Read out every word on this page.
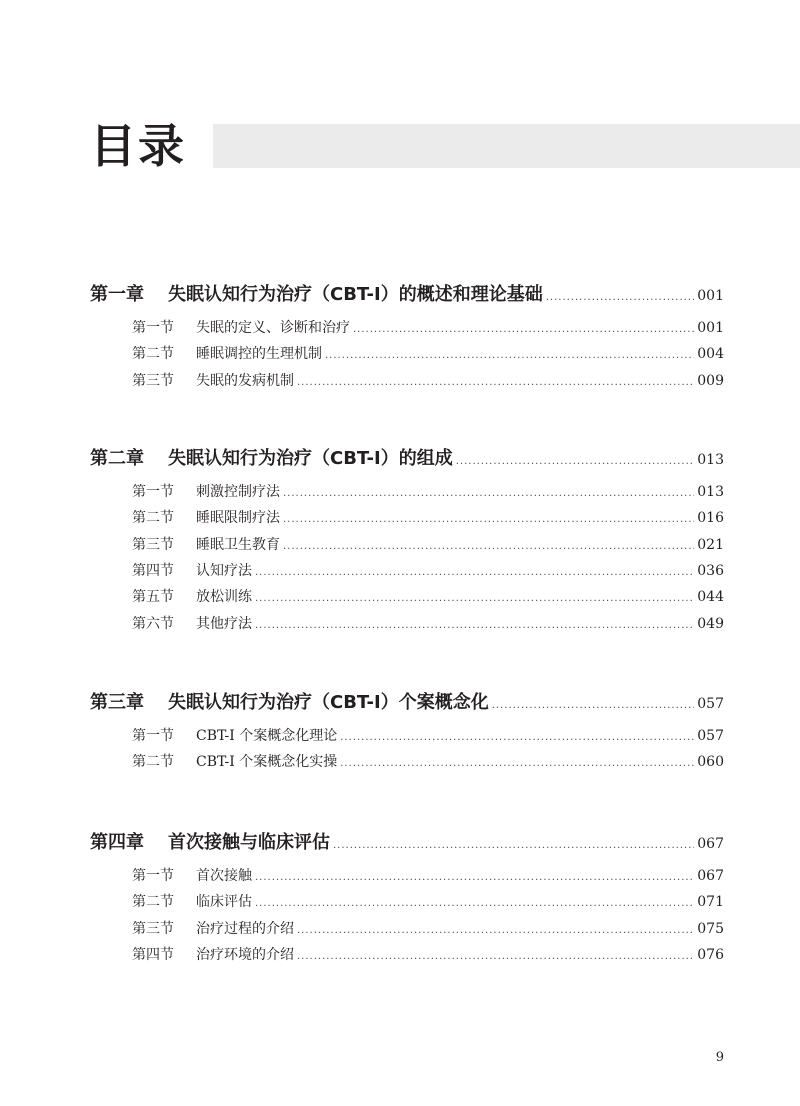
目录
第一章	失眠认知行为治疗（CBT-I）的概述和理论基础 .....	001
第一节	失眠的定义、诊断和治疗 .....	001
第二节	睡眠调控的生理机制 .....	004
第三节	失眠的发病机制 .....	009
第二章	失眠认知行为治疗（CBT-I）的组成 .....	013
第一节	刺激控制疗法 .....	013
第二节	睡眠限制疗法 .....	016
第三节	睡眠卫生教育 .....	021
第四节	认知疗法 .....	036
第五节	放松训练 .....	044
第六节	其他疗法 .....	049
第三章	失眠认知行为治疗（CBT-I）个案概念化 .....	057
第一节	CBT-I 个案概念化理论 .....	057
第二节	CBT-I 个案概念化实操 .....	060
第四章	首次接触与临床评估 .....	067
第一节	首次接触 .....	067
第二节	临床评估 .....	071
第三节	治疗过程的介绍 .....	075
第四节	治疗环境的介绍 .....	076
9
